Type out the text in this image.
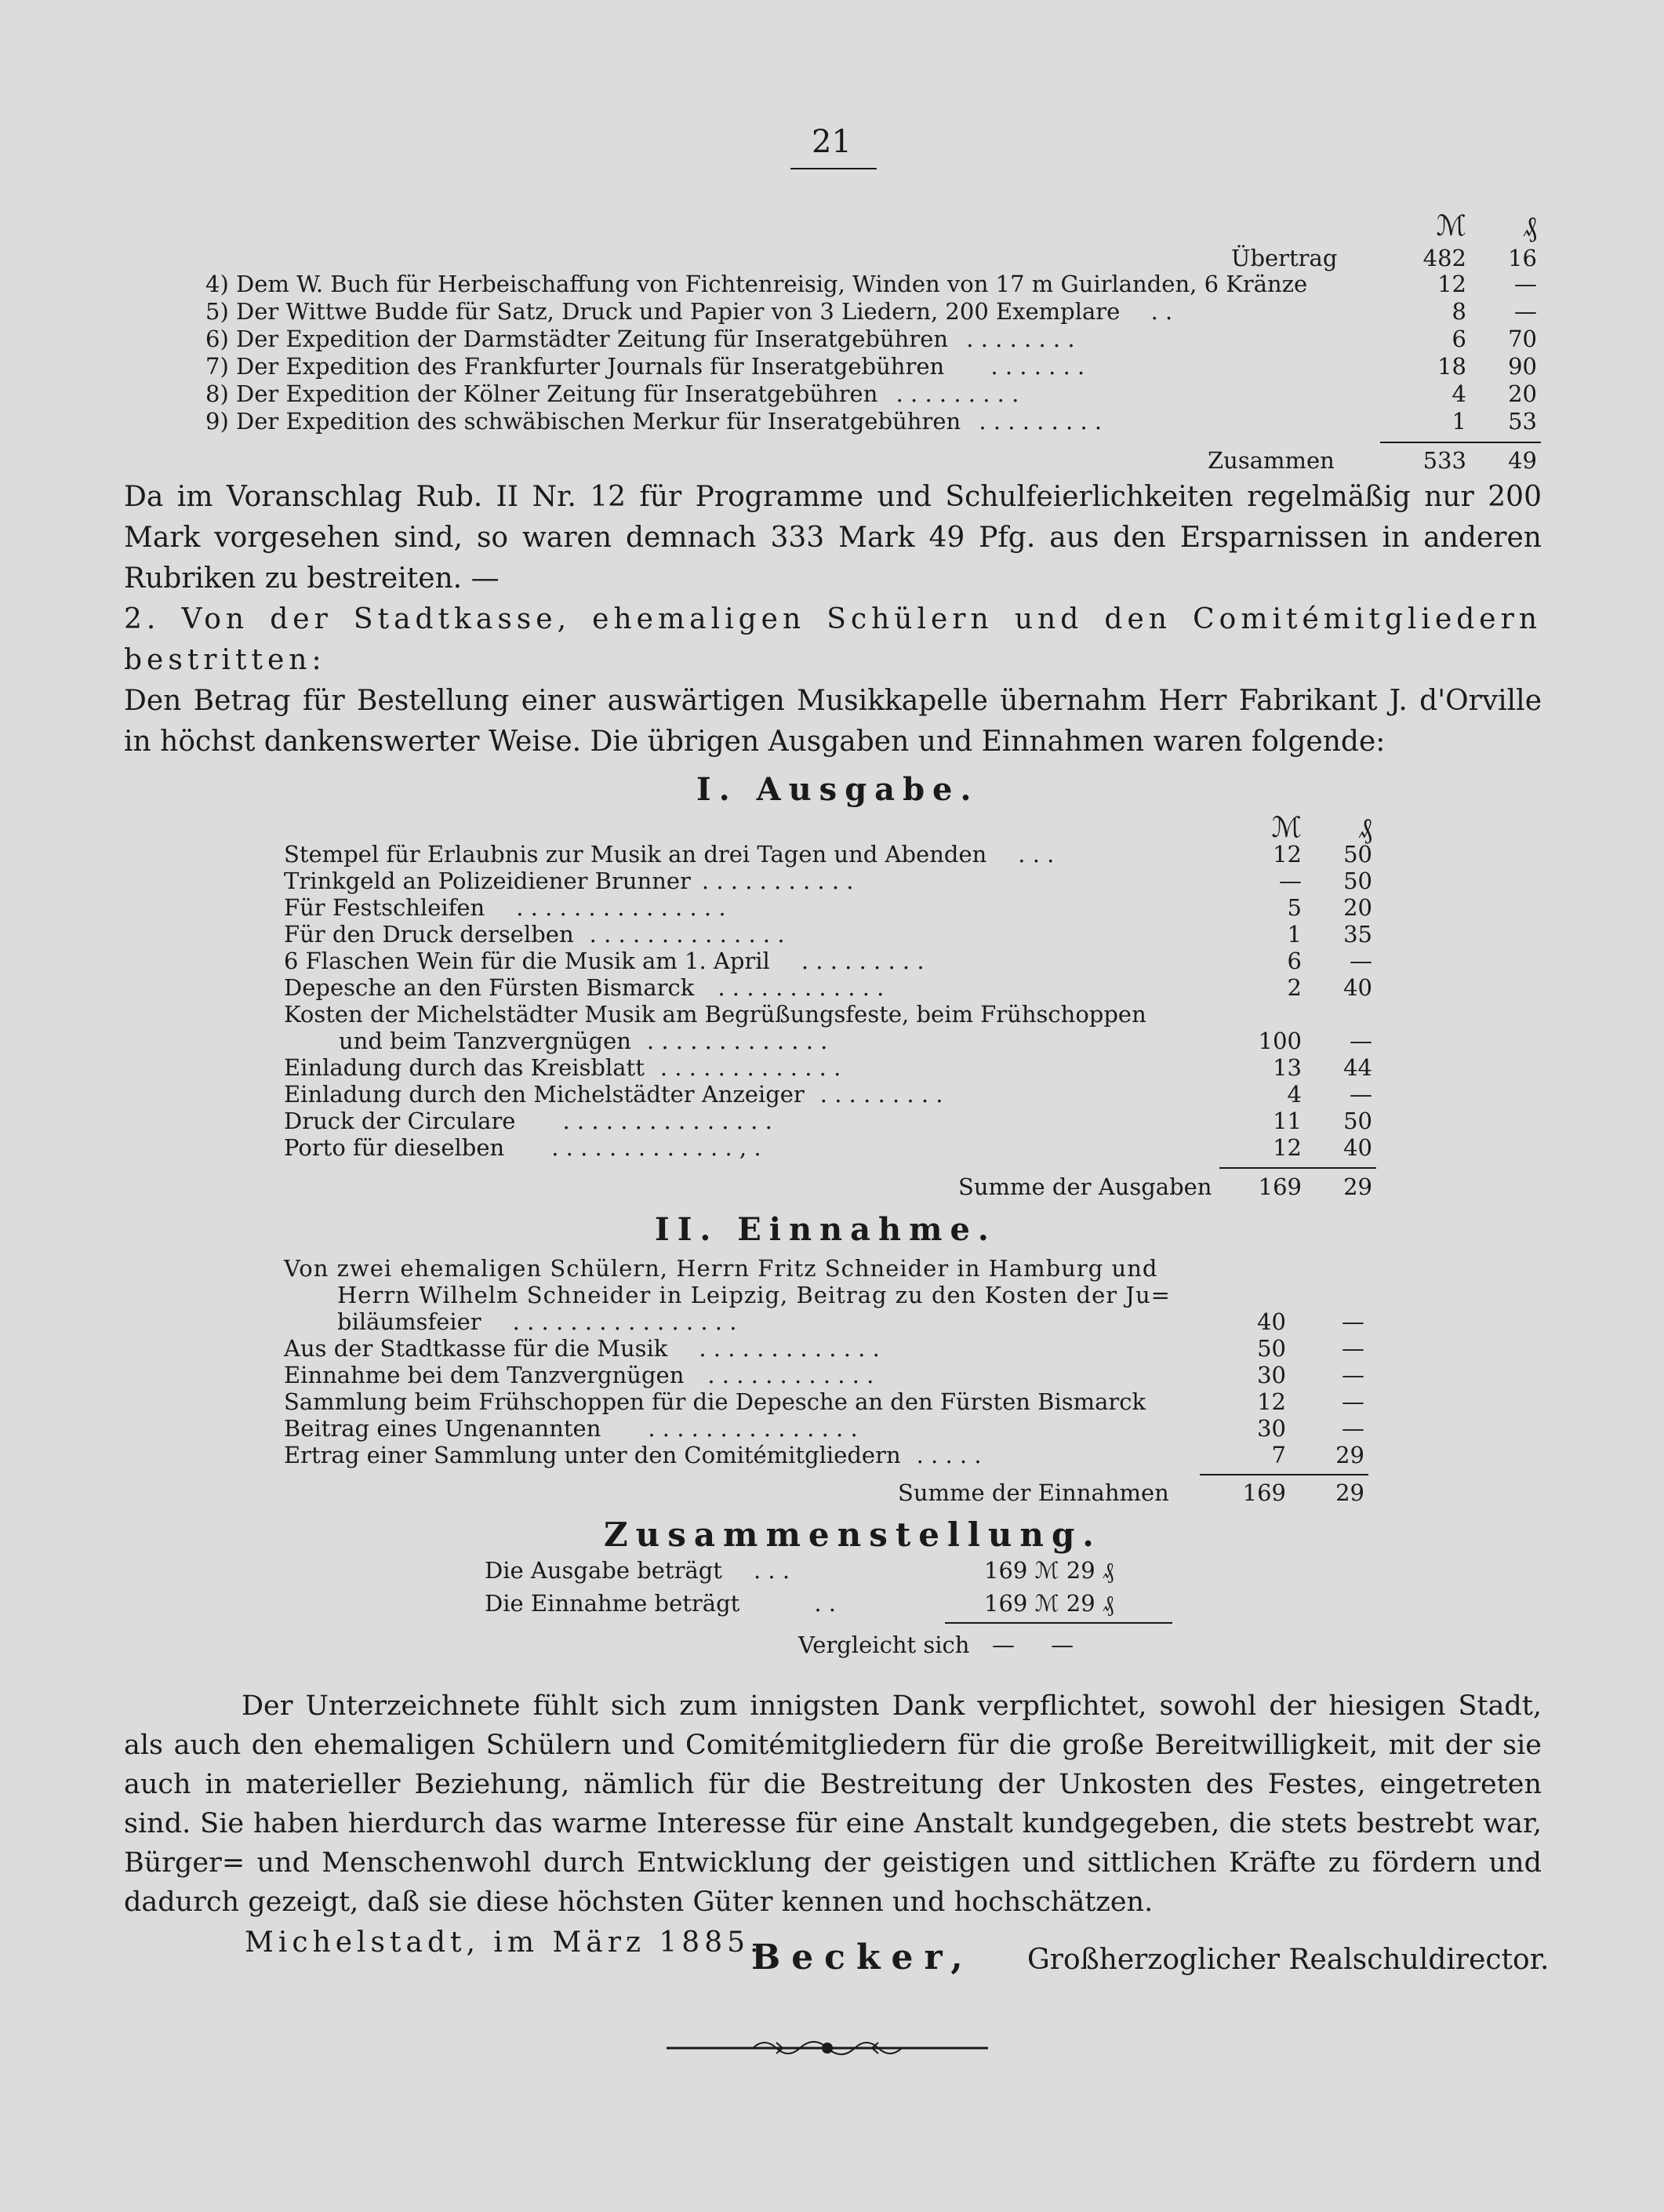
21
ℳ	₰
Übertrag	482	16
4) Dem W. Buch für Herbeischaffung von Fichtenreisig, Winden von 17 m Guirlanden, 6 Kränze	12	—
5) Der Wittwe Budde für Satz, Druck und Papier von 3 Liedern, 200 Exemplare . .	8	—
6) Der Expedition der Darmstädter Zeitung für Inseratgebühren . . . . . . . .	6	70
7) Der Expedition des Frankfurter Journals für Inseratgebühren . . . . . . .	18	90
8) Der Expedition der Kölner Zeitung für Inseratgebühren . . . . . . . . .	4	20
9) Der Expedition des schwäbischen Merkur für Inseratgebühren . . . . . . . . .	1	53
Zusammen	533	49
Da im Voranschlag Rub. II Nr. 12 für Programme und Schulfeierlichkeiten regelmäßig nur 200 Mark vorgesehen sind, so waren demnach 333 Mark 49 Pfg. aus den Ersparnissen in anderen Rubriken zu bestreiten. —
2. Von der Stadtkasse, ehemaligen Schülern und den Comitémitgliedern bestritten:
Den Betrag für Bestellung einer auswärtigen Musikkapelle übernahm Herr Fabrikant J. d'Orville in höchst dankenswerter Weise. Die übrigen Ausgaben und Einnahmen waren folgende:
I. Ausgabe.
ℳ	₰
Stempel für Erlaubnis zur Musik an drei Tagen und Abenden . . .	12	50
Trinkgeld an Polizeidiener Brunner . . . . . . . . . . .	—	50
Für Festschleifen . . . . . . . . . . . . . . .	5	20
Für den Druck derselben . . . . . . . . . . . . . .	1	35
6 Flaschen Wein für die Musik am 1. April . . . . . . . . .	6	—
Depesche an den Fürsten Bismarck . . . . . . . . . . . .	2	40
Kosten der Michelstädter Musik am Begrüßungsfeste, beim Frühschoppen
und beim Tanzvergnügen . . . . . . . . . . . . .	100	—
Einladung durch das Kreisblatt . . . . . . . . . . . . .	13	44
Einladung durch den Michelstädter Anzeiger . . . . . . . . .	4	—
Druck der Circulare . . . . . . . . . . . . . . .	11	50
Porto für dieselben . . . . . . . . . . . . . , .	12	40
Summe der Ausgaben	169	29
II. Einnahme.
Von zwei ehemaligen Schülern, Herrn Fritz Schneider in Hamburg und
Herrn Wilhelm Schneider in Leipzig, Beitrag zu den Kosten der Ju=
biläumsfeier . . . . . . . . . . . . . . . .	40	—
Aus der Stadtkasse für die Musik . . . . . . . . . . . . .	50	—
Einnahme bei dem Tanzvergnügen . . . . . . . . . . . .	30	—
Sammlung beim Frühschoppen für die Depesche an den Fürsten Bismarck	12	—
Beitrag eines Ungenannten . . . . . . . . . . . . . . .	30	—
Ertrag einer Sammlung unter den Comitémitgliedern . . . . .	7	29
Summe der Einnahmen	169	29
Zusammenstellung.
Die Ausgabe beträgt . . .	169 ℳ 29 ₰
Die Einnahme beträgt	. .	169 ℳ 29 ₰
Vergleicht sich —     —
Der Unterzeichnete fühlt sich zum innigsten Dank verpflichtet, sowohl der hiesigen Stadt, als auch den ehemaligen Schülern und Comitémitgliedern für die große Bereitwilligkeit, mit der sie auch in materieller Beziehung, nämlich für die Bestreitung der Unkosten des Festes, eingetreten sind. Sie haben hierdurch das warme Interesse für eine Anstalt kundgegeben, die stets bestrebt war, Bürger= und Menschenwohl durch Entwicklung der geistigen und sittlichen Kräfte zu fördern und dadurch gezeigt, daß sie diese höchsten Güter kennen und hochschätzen.
Michelstadt, im März 1885.
Becker, Großherzoglicher Realschuldirector.
